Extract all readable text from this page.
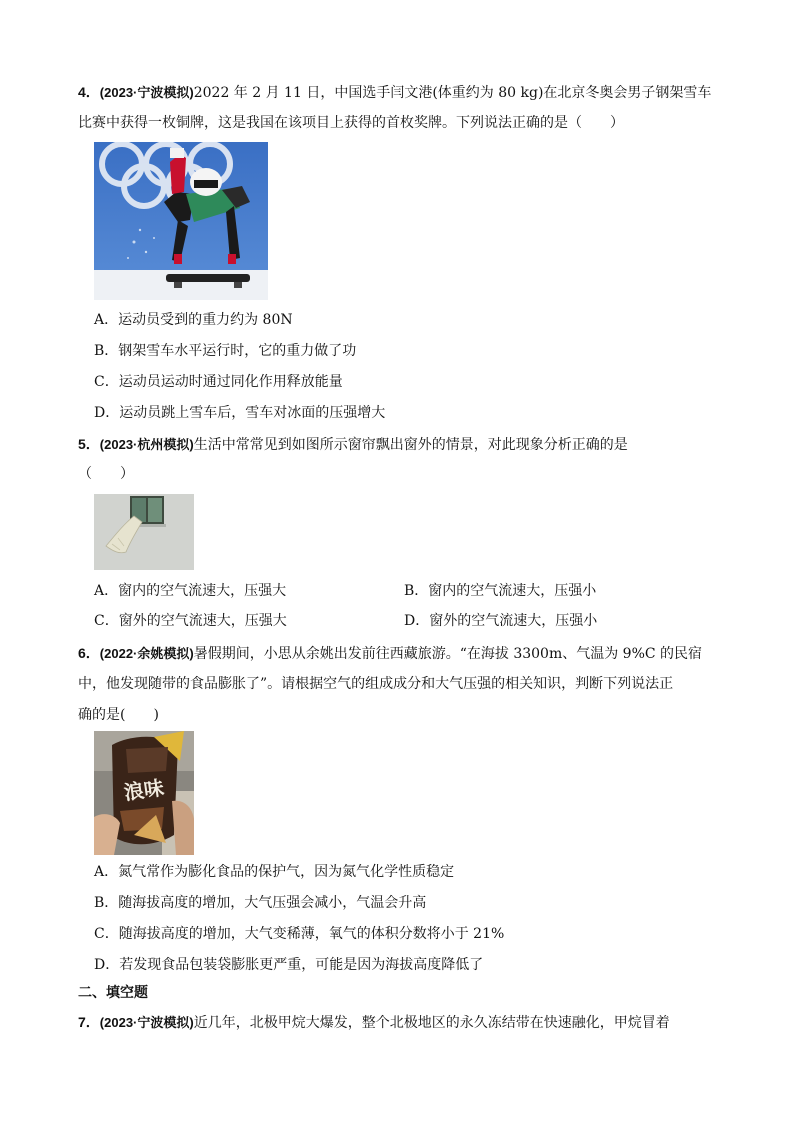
4．(2023·宁波模拟)2022 年 2 月 11 日，中国选手闫文港(体重约为 80 kg)在北京冬奥会男子钢架雪车
比赛中获得一枚铜牌，这是我国在该项目上获得的首枚奖牌。下列说法正确的是（　　）
A．运动员受到的重力约为 80N
B．钢架雪车水平运行时，它的重力做了功
C．运动员运动时通过同化作用释放能量
D．运动员跳上雪车后，雪车对冰面的压强增大
5．(2023·杭州模拟)生活中常常见到如图所示窗帘飘出窗外的情景，对此现象分析正确的是
（　　）
A．窗内的空气流速大，压强大	B．窗内的空气流速大，压强小
C．窗外的空气流速大，压强大	D．窗外的空气流速大，压强小
6．(2022·余姚模拟)暑假期间，小思从余姚出发前往西藏旅游。“在海拔 3300m、气温为 9%C 的民宿
中，他发现随带的食品膨胀了”。请根据空气的组成成分和大气压强的相关知识，判断下列说法正
确的是(　　)
浪味
A．氮气常作为膨化食品的保护气，因为氮气化学性质稳定
B．随海拔高度的增加，大气压强会减小，气温会升高
C．随海拔高度的增加，大气变稀薄，氧气的体积分数将小于 21%
D．若发现食品包装袋膨胀更严重，可能是因为海拔高度降低了
二、填空题
7．(2023·宁波模拟)近几年，北极甲烷大爆发，整个北极地区的永久冻结带在快速融化，甲烷冒着
